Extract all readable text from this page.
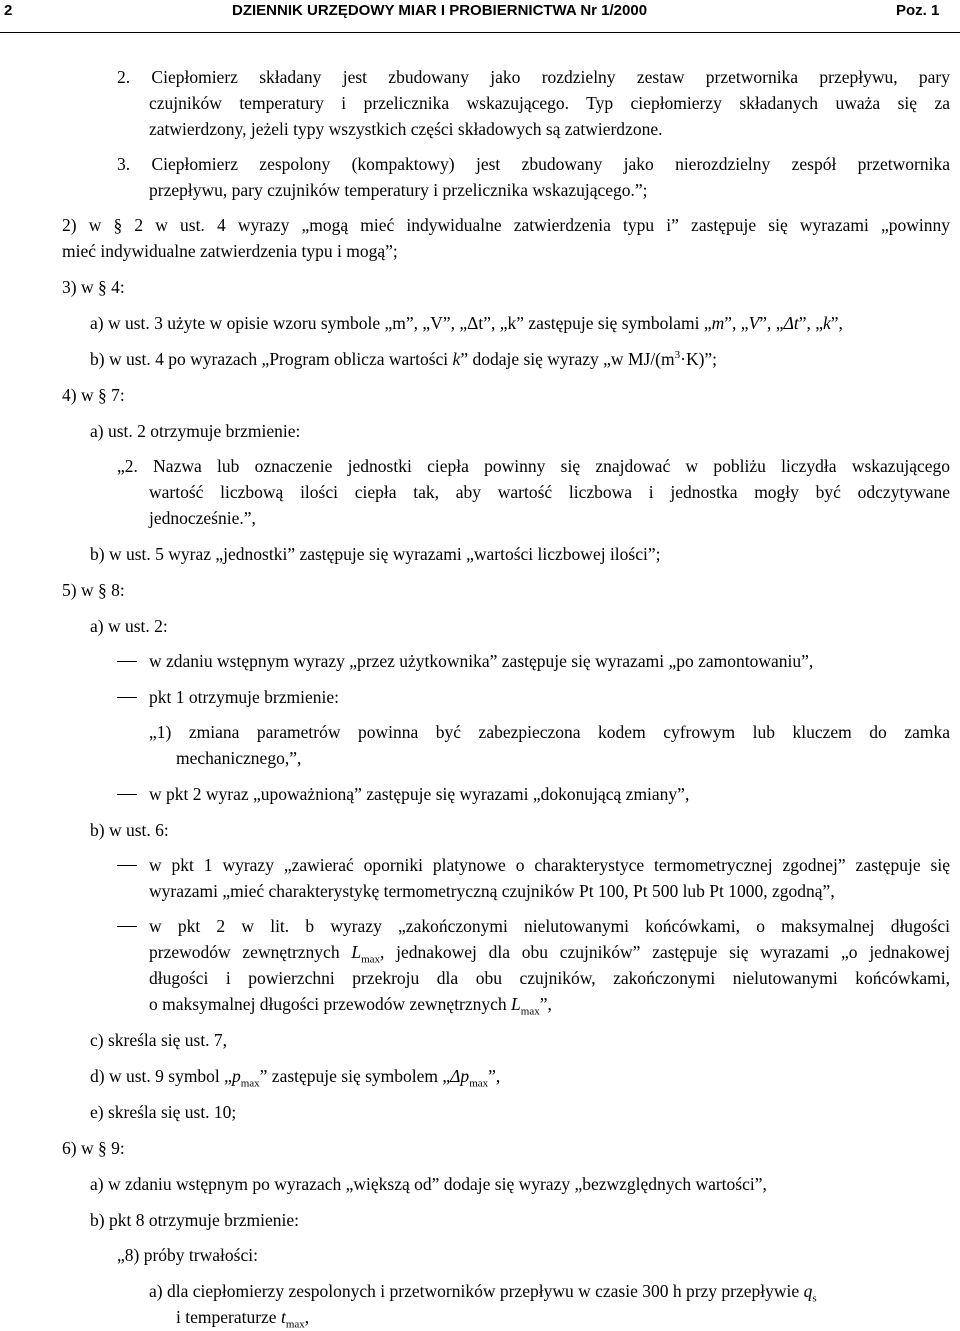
2	DZIENNIK URZĘDOWY MIAR I PROBIERNICTWA Nr 1/2000	Poz. 1
2. Ciepłomierz składany jest zbudowany jako rozdzielny zestaw przetwornika przepływu, pary
czujników temperatury i przelicznika wskazującego. Typ ciepłomierzy składanych uważa się za
zatwierdzony, jeżeli typy wszystkich części składowych są zatwierdzone.
3. Ciepłomierz zespolony (kompaktowy) jest zbudowany jako nierozdzielny zespół przetwornika
przepływu, pary czujników temperatury i przelicznika wskazującego.”;
2) w § 2 w ust. 4 wyrazy „mogą mieć indywidualne zatwierdzenia typu i” zastępuje się wyrazami „powinny
mieć indywidualne zatwierdzenia typu i mogą”;
3) w § 4:
a) w ust. 3 użyte w opisie wzoru symbole „m”, „V”, „Δt”, „k” zastępuje się symbolami „m”, „V”, „Δt”, „k”,
b) w ust. 4 po wyrazach „Program oblicza wartości k” dodaje się wyrazy „w $MJ/(m^3\cdot K)$”;
4) w § 7:
a) ust. 2 otrzymuje brzmienie:
„2. Nazwa lub oznaczenie jednostki ciepła powinny się znajdować w pobliżu liczydła wskazującego
wartość liczbową ilości ciepła tak, aby wartość liczbowa i jednostka mogły być odczytywane
jednocześnie.”,
b) w ust. 5 wyraz „jednostki” zastępuje się wyrazami „wartości liczbowej ilości”;
5) w § 8:
a) w ust. 2:
w zdaniu wstępnym wyrazy „przez użytkownika” zastępuje się wyrazami „po zamontowaniu”,
pkt 1 otrzymuje brzmienie:
„1) zmiana parametrów powinna być zabezpieczona kodem cyfrowym lub kluczem do zamka
mechanicznego,”,
w pkt 2 wyraz „upoważnioną” zastępuje się wyrazami „dokonującą zmiany”,
b) w ust. 6:
w pkt 1 wyrazy „zawierać oporniki platynowe o charakterystyce termometrycznej zgodnej” zastępuje się
wyrazami „mieć charakterystykę termometryczną czujników Pt 100, Pt 500 lub Pt 1000, zgodną”,
w pkt 2 w lit. b wyrazy „zakończonymi nielutowanymi końcówkami, o maksymalnej długości
przewodów zewnętrznych $L_{max}$, jednakowej dla obu czujników” zastępuje się wyrazami „o jednakowej
długości i powierzchni przekroju dla obu czujników, zakończonymi nielutowanymi końcówkami,
o maksymalnej długości przewodów zewnętrznych $L_{max}$”,
c) skreśla się ust. 7,
d) w ust. 9 symbol $„p_{max}$” zastępuje się symbolem $„\Delta p_{max}$”,
e) skreśla się ust. 10;
6) w § 9:
a) w zdaniu wstępnym po wyrazach „większą od” dodaje się wyrazy „bezwzględnych wartości”,
b) pkt 8 otrzymuje brzmienie:
„8) próby trwałości:
a) dla ciepłomierzy zespolonych i przetworników przepływu w czasie 300 h przy przepływie $q_s$
i temperaturze $t_{max}$,
